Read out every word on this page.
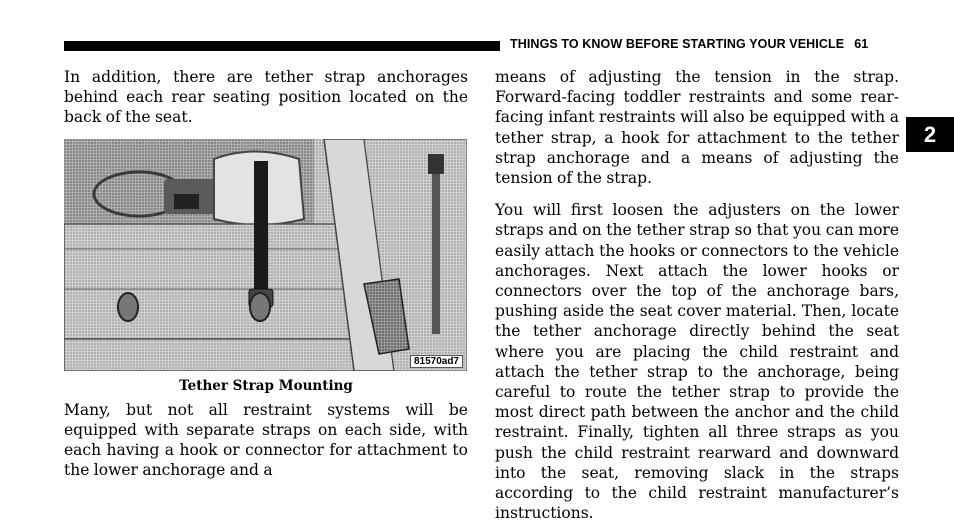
THINGS TO KNOW BEFORE STARTING YOUR VEHICLE 61
2

In addition, there are tether strap anchorages behind each rear seating position located on the back of the seat.

81570ad7
Tether Strap Mounting

Many, but not all restraint systems will be equipped with separate straps on each side, with each having a hook or connector for attachment to the lower anchorage and a

means of adjusting the tension in the strap. Forward-facing toddler restraints and some rear-facing infant restraints will also be equipped with a tether strap, a hook for attachment to the tether strap anchorage and a means of adjusting the tension of the strap.

You will first loosen the adjusters on the lower straps and on the tether strap so that you can more easily attach the hooks or connectors to the vehicle anchorages. Next attach the lower hooks or connectors over the top of the anchorage bars, pushing aside the seat cover material. Then, locate the tether anchorage directly behind the seat where you are placing the child restraint and attach the tether strap to the anchorage, being careful to route the tether strap to provide the most direct path between the anchor and the child restraint. Finally, tighten all three straps as you push the child restraint rearward and downward into the seat, removing slack in the straps according to the child restraint manufacturer’s instructions.
